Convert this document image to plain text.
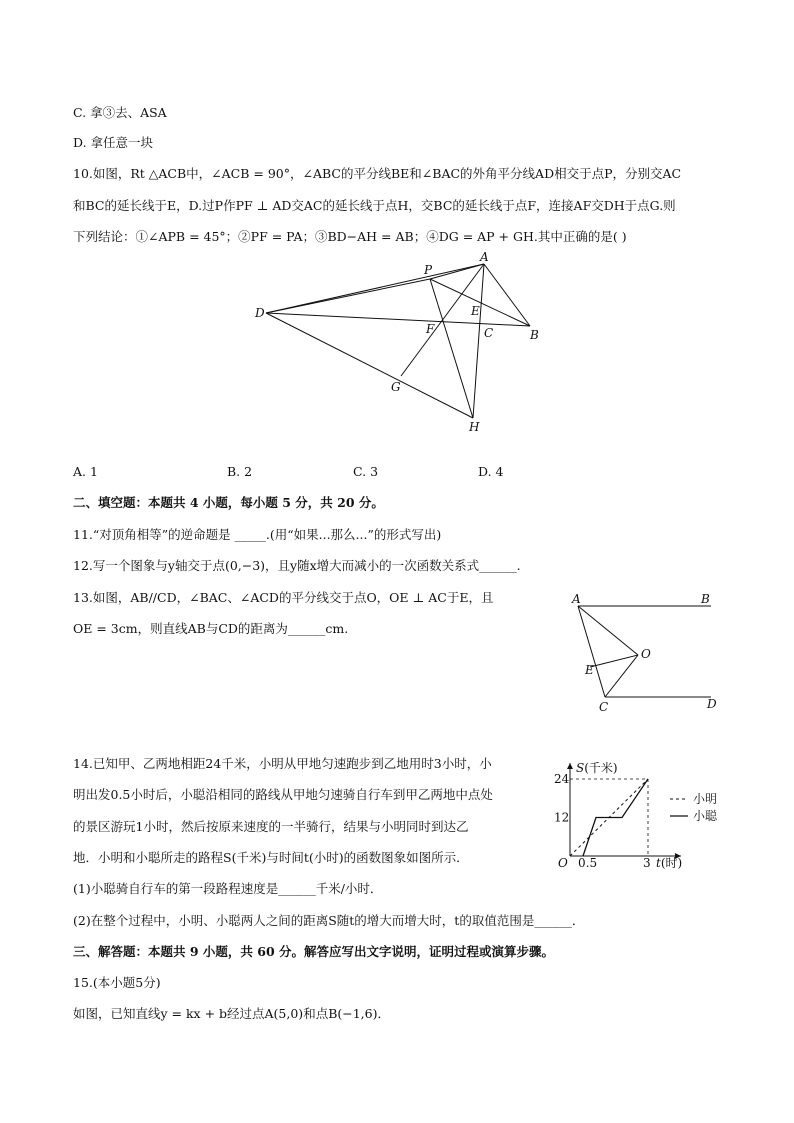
C. 拿③去、ASA
D. 拿任意一块
10.如图，Rt △ACB中，∠ACB = 90°，∠ABC的平分线BE和∠BAC的外角平分线AD相交于点P，分别交AC
和BC的延长线于E，D.过P作PF ⊥ AD交AC的延长线于点H，交BC的延长线于点F，连接AF交DH于点G.则
下列结论：①∠APB = 45°；②PF = PA；③BD−AH = AB；④DG = AP + GH.其中正确的是( )
P
A
D	E
F	C	B
G
H
A. 1	B. 2	C. 3	D. 4
二、填空题：本题共 4 小题，每小题 5 分，共 20 分。
11.“对顶角相等”的逆命题是 _____.(用“如果...那么...”的形式写出)
12.写一个图象与y轴交于点(0,−3)，且y随x增大而减小的一次函数关系式______.
13.如图，AB//CD，∠BAC、∠ACD的平分线交于点O，OE ⊥ AC于E，且
OE = 3cm，则直线AB与CD的距离为______cm.
A	B
O
E
C	D
14.已知甲、乙两地相距24千米，小明从甲地匀速跑步到乙地用时3小时，小
明出发0.5小时后，小聪沿相同的路线从甲地匀速骑自行车到甲乙两地中点处
的景区游玩1小时，然后按原来速度的一半骑行，结果与小明同时到达乙
地．小明和小聪所走的路程S(千米)与时间t(小时)的函数图象如图所示．	O 0.5	3
12
24
S(千米)
t(时)
小明
小聪
(1)小聪骑自行车的第一段路程速度是______千米/小时．
(2)在整个过程中，小明、小聪两人之间的距离S随t的增大而增大时，t的取值范围是______．
三、解答题：本题共 9 小题，共 60 分。解答应写出文字说明，证明过程或演算步骤。
15.(本小题5分)
如图，已知直线y = kx + b经过点A(5,0)和点B(−1,6)．
